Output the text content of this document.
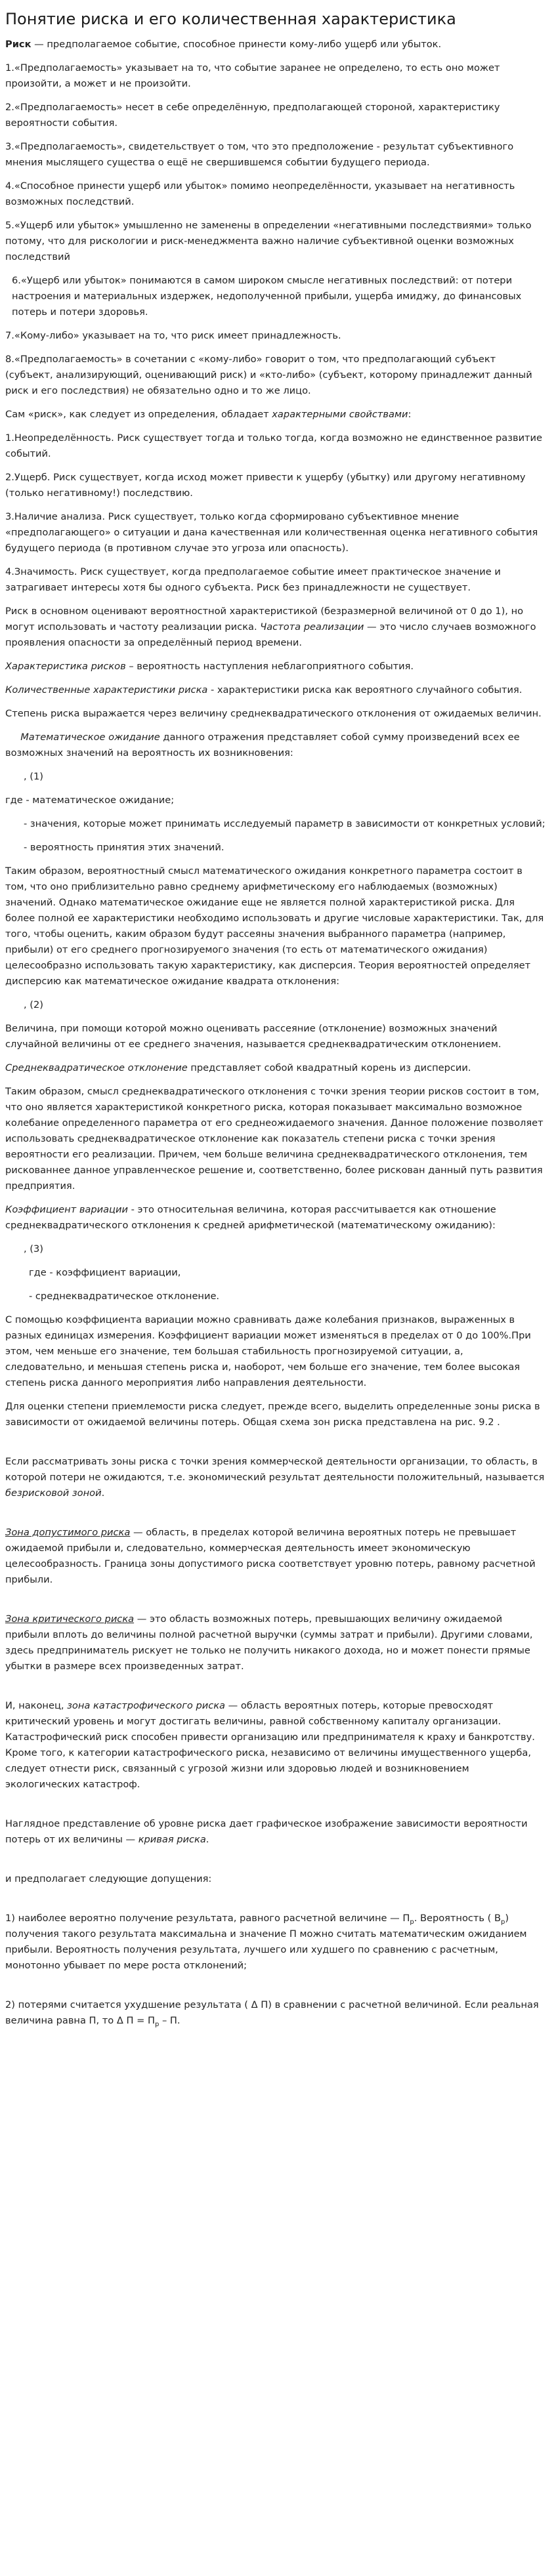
Понятие риска и его количественная характеристика

Риск — предполагаемое событие, способное принести кому-либо ущерб или убыток.

1.«Предполагаемость» указывает на то, что событие заранее не определено, то есть оно может произойти, а может и не произойти.

2.«Предполагаемость» несет в себе определённую, предполагающей стороной, характеристику вероятности события.

3.«Предполагаемость», свидетельствует о том, что это предположение - результат субъективного мнения мыслящего существа о ещё не свершившемся событии будущего периода.

4.«Способное принести ущерб или убыток» помимо неопределённости, указывает на негативность возможных последствий.

5.«Ущерб или убыток» умышленно не заменены в определении «негативными последствиями» только потому, что для рискологии и риск-менеджмента важно наличие субъективной оценки возможных последствий

6.«Ущерб или убыток» понимаются в самом широком смысле негативных последствий: от потери настроения и материальных издержек, недополученной прибыли, ущерба имиджу, до финансовых потерь и потери здоровья.

7.«Кому-либо» указывает на то, что риск имеет принадлежность.

8.«Предполагаемость» в сочетании с «кому-либо» говорит о том, что предполагающий субъект (субъект, анализирующий, оценивающий риск) и «кто-либо» (субъект, которому принадлежит данный риск и его последствия) не обязательно одно и то же лицо.

Сам «риск», как следует из определения, обладает характерными свойствами:

1.Неопределённость. Риск существует тогда и только тогда, когда возможно не единственное развитие событий.

2.Ущерб. Риск существует, когда исход может привести к ущербу (убытку) или другому негативному (только негативному!) последствию.

3.Наличие анализа. Риск существует, только когда сформировано субъективное мнение «предполагающего» о ситуации и дана качественная или количественная оценка негативного события будущего периода (в противном случае это угроза или опасность).

4.Значимость. Риск существует, когда предполагаемое событие имеет практическое значение и затрагивает интересы хотя бы одного субъекта. Риск без принадлежности не существует.

Риск в основном оценивают вероятностной характеристикой (безразмерной величиной от 0 до 1), но могут использовать и частоту реализации риска. Частота реализации — это число случаев возможного проявления опасности за определённый период времени.

Характеристика рисков – вероятность наступления неблагоприятного события.

Количественные характеристики риска - характеристики риска как вероятного случайного события.

Степень риска выражается через величину среднеквадратического отклонения от ожидаемых величин.

Математическое ожидание данного отражения представляет собой сумму произведений всех ее возможных значений на вероятность их возникновения:

, (1)

где - математическое ожидание;

- значения, которые может принимать исследуемый параметр в зависимости от конкретных условий;

- вероятность принятия этих значений.

Таким образом, вероятностный смысл математического ожидания конкретного параметра состоит в том, что оно приблизительно равно среднему арифметическому его наблюдаемых (возможных) значений. Однако математическое ожидание еще не является полной характеристикой риска. Для более полной ее характеристики необходимо использовать и другие числовые характеристики. Так, для того, чтобы оценить, каким образом будут рассеяны значения выбранного параметра (например, прибыли) от его среднего прогнозируемого значения (то есть от математического ожидания) целесообразно использовать такую характеристику, как дисперсия. Теория вероятностей определяет дисперсию как математическое ожидание квадрата отклонения:

, (2)

Величина, при помощи которой можно оценивать рассеяние (отклонение) возможных значений случайной величины от ее среднего значения, называется среднеквадратическим отклонением.

Среднеквадратическое отклонение представляет собой квадратный корень из дисперсии.

Таким образом, смысл среднеквадратического отклонения с точки зрения теории рисков состоит в том, что оно является характеристикой конкретного риска, которая показывает максимально возможное колебание определенного параметра от его среднеожидаемого значения. Данное положение позволяет использовать среднеквадратическое отклонение как показатель степени риска с точки зрения вероятности его реализации. Причем, чем больше величина среднеквадратического отклонения, тем рискованнее данное управленческое решение и, соответственно, более рискован данный путь развития предприятия.

Коэффициент вариации - это относительная величина, которая рассчитывается как отношение среднеквадратического отклонения к средней арифметической (математическому ожиданию):

, (3)

где - коэффициент вариации,

- среднеквадратическое отклонение.

С помощью коэффициента вариации можно сравнивать даже колебания признаков, выраженных в разных единицах измерения. Коэффициент вариации может изменяться в пределах от 0 до 100%.При этом, чем меньше его значение, тем большая стабильность прогнозируемой ситуации, а, следовательно, и меньшая степень риска и, наоборот, чем больше его значение, тем более высокая степень риска данного мероприятия либо направления деятельности.

Для оценки степени приемлемости риска следует, прежде всего, выделить определенные зоны риска в зависимости от ожидаемой величины потерь. Общая схема зон риска представлена на рис. 9.2 .

Если рассматривать зоны риска с точки зрения коммерческой деятельности организации, то область, в которой потери не ожидаются, т.е. экономический результат деятельности положительный, называется безрисковой зоной.

Зона допустимого риска — область, в пределах которой величина вероятных потерь не превышает ожидаемой прибыли и, следовательно, коммерческая деятельность имеет экономическую целесообразность. Граница зоны допустимого риска соответствует уровню потерь, равному расчетной прибыли.

Зона критического риска — это область возможных потерь, превышающих величину ожидаемой прибыли вплоть до величины полной расчетной выручки (суммы затрат и прибыли). Другими словами, здесь предприниматель рискует не только не получить никакого дохода, но и может понести прямые убытки в размере всех произведенных затрат.

И, наконец, зона катастрофического риска — область вероятных потерь, которые превосходят критический уровень и могут достигать величины, равной собственному капиталу организации. Катастрофический риск способен привести организацию или предпринимателя к краху и банкротству. Кроме того, к категории катастрофического риска, независимо от величины имущественного ущерба, следует отнести риск, связанный с угрозой жизни или здоровью людей и возникновением экологических катастроф.

Наглядное представление об уровне риска дает графическое изображение зависимости вероятности потерь от их величины — кривая риска.

и предполагает следующие допущения:

1) наиболее вероятно получение результата, равного расчетной величине — $П_р$. Вероятность ( $В_р$) получения такого результата максимальна и значение П можно считать математическим ожиданием прибыли. Вероятность получения результата, лучшего или худшего по сравнению с расчетным, монотонно убывает по мере роста отклонений;

2) потерями считается ухудшение результата ( Δ П) в сравнении с расчетной величиной. Если реальная величина равна П, то Δ $П = П_р - П$.
